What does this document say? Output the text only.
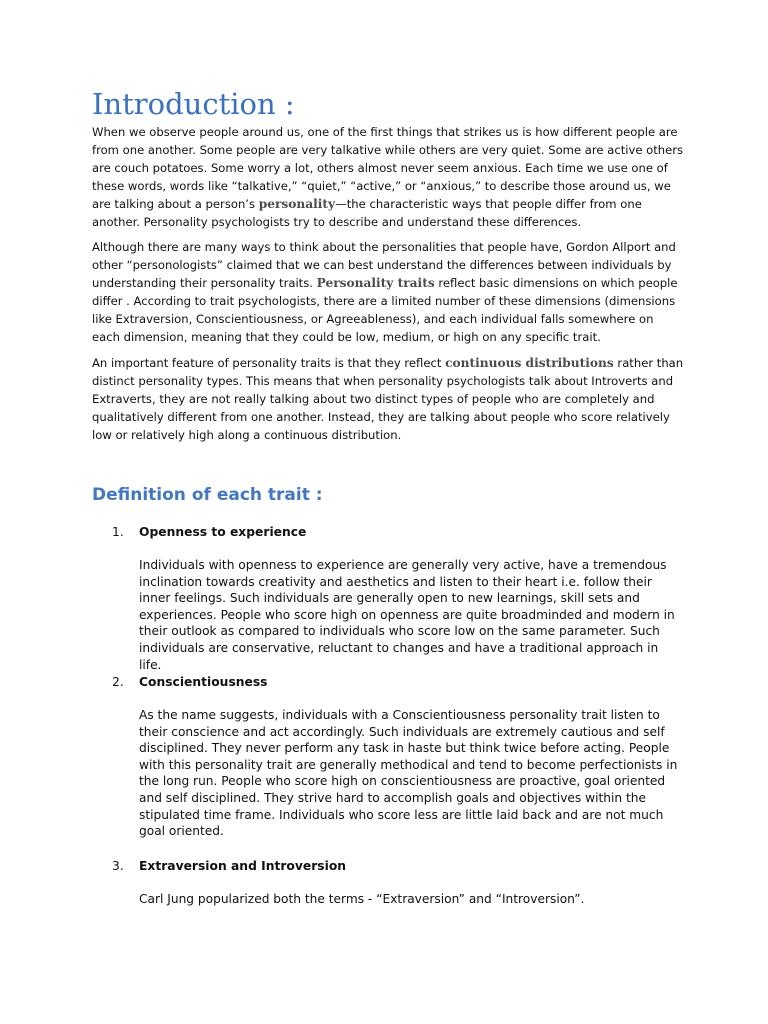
Introduction :

When we observe people around us, one of the first things that strikes us is how different people are from one another. Some people are very talkative while others are very quiet. Some are active others are couch potatoes. Some worry a lot, others almost never seem anxious. Each time we use one of these words, words like “talkative,” “quiet,” “active,” or “anxious,” to describe those around us, we are talking about a person’s personality—the characteristic ways that people differ from one another. Personality psychologists try to describe and understand these differences.

Although there are many ways to think about the personalities that people have, Gordon Allport and other “personologists” claimed that we can best understand the differences between individuals by understanding their personality traits. Personality traits reflect basic dimensions on which people differ . According to trait psychologists, there are a limited number of these dimensions (dimensions like Extraversion, Conscientiousness, or Agreeableness), and each individual falls somewhere on each dimension, meaning that they could be low, medium, or high on any specific trait.

An important feature of personality traits is that they reflect continuous distributions rather than distinct personality types. This means that when personality psychologists talk about Introverts and Extraverts, they are not really talking about two distinct types of people who are completely and qualitatively different from one another. Instead, they are talking about people who score relatively low or relatively high along a continuous distribution.

Definition of each trait :
1. Openness to experience

Individuals with openness to experience are generally very active, have a tremendous inclination towards creativity and aesthetics and listen to their heart i.e. follow their inner feelings. Such individuals are generally open to new learnings, skill sets and experiences. People who score high on openness are quite broadminded and modern in their outlook as compared to individuals who score low on the same parameter. Such individuals are conservative, reluctant to changes and have a traditional approach in life.

2. Conscientiousness

As the name suggests, individuals with a Conscientiousness personality trait listen to their conscience and act accordingly. Such individuals are extremely cautious and self disciplined. They never perform any task in haste but think twice before acting. People with this personality trait are generally methodical and tend to become perfectionists in the long run. People who score high on conscientiousness are proactive, goal oriented and self disciplined. They strive hard to accomplish goals and objectives within the stipulated time frame. Individuals who score less are little laid back and are not much goal oriented.

3. Extraversion and Introversion

Carl Jung popularized both the terms - “Extraversion” and “Introversion”.
